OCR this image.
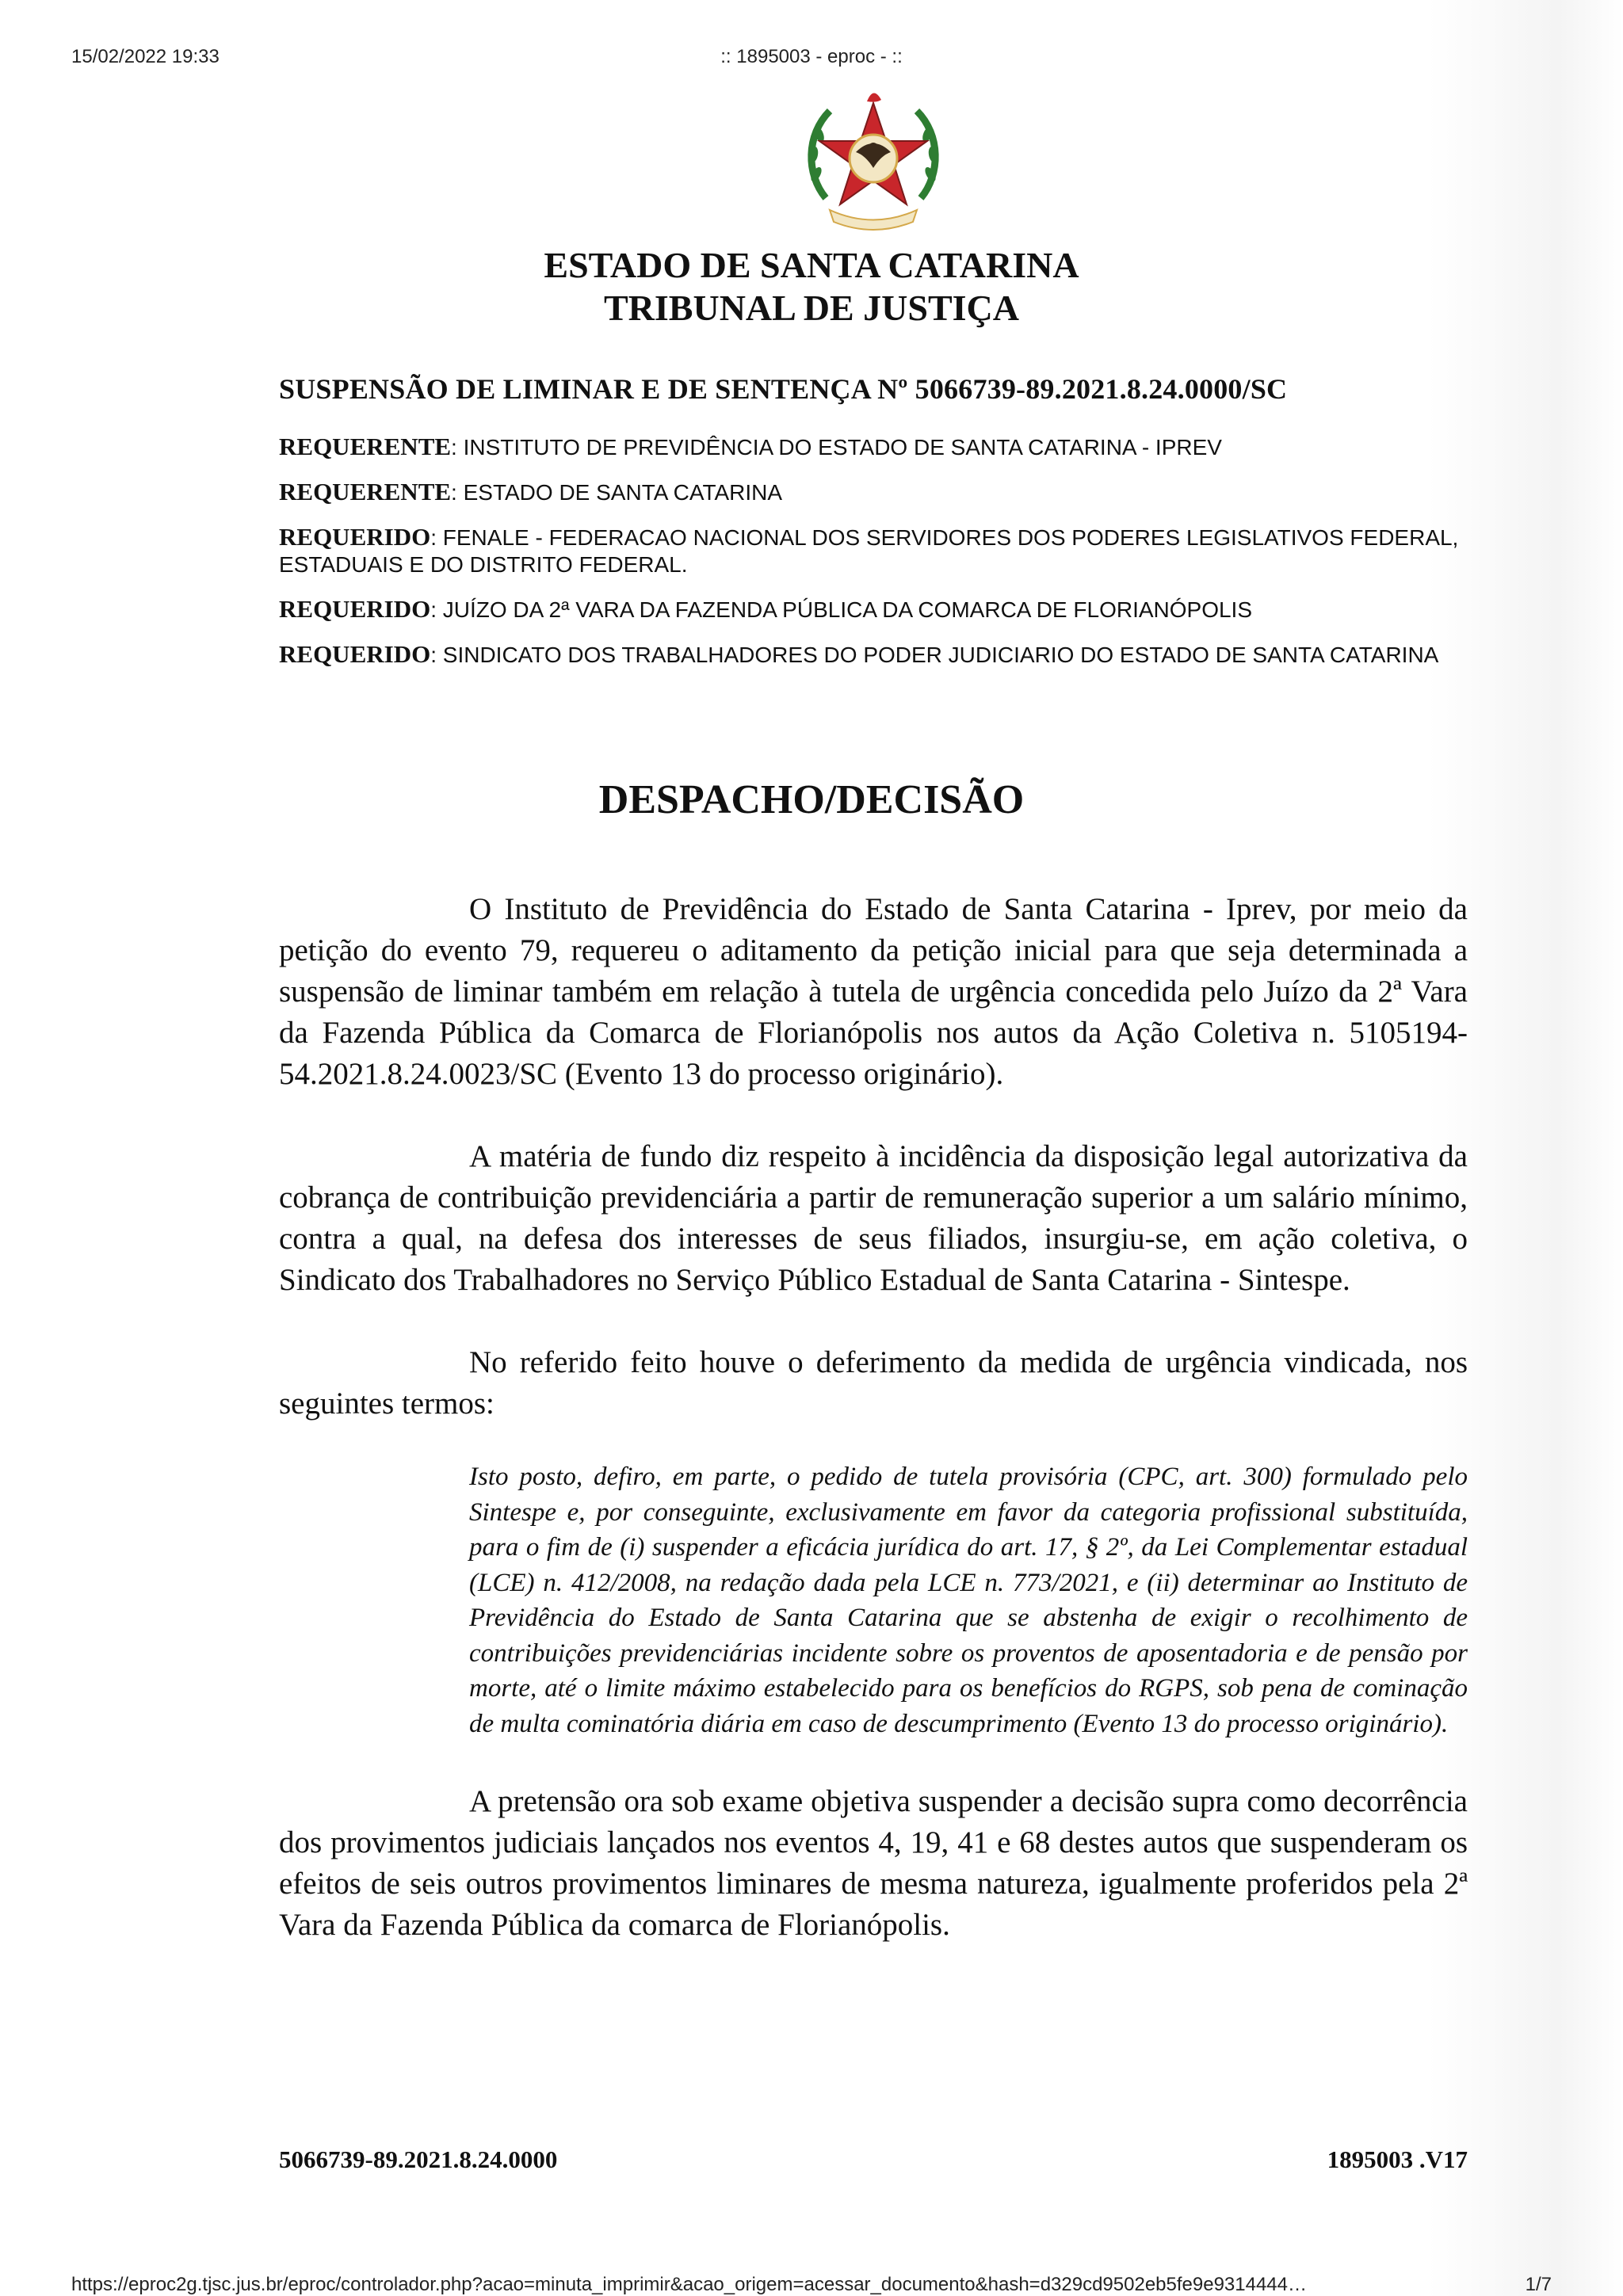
15/02/2022 19:33	:: 1895003 - eproc - ::
ESTADO DE SANTA CATARINA
TRIBUNAL DE JUSTIÇA
SUSPENSÃO DE LIMINAR E DE SENTENÇA Nº 5066739-89.2021.8.24.0000/SC
REQUERENTE: INSTITUTO DE PREVIDÊNCIA DO ESTADO DE SANTA CATARINA - IPREV
REQUERENTE: ESTADO DE SANTA CATARINA
REQUERIDO: FENALE - FEDERACAO NACIONAL DOS SERVIDORES DOS PODERES LEGISLATIVOS FEDERAL, ESTADUAIS E DO DISTRITO FEDERAL.
REQUERIDO: JUÍZO DA 2ª VARA DA FAZENDA PÚBLICA DA COMARCA DE FLORIANÓPOLIS
REQUERIDO: SINDICATO DOS TRABALHADORES DO PODER JUDICIARIO DO ESTADO DE SANTA CATARINA
DESPACHO/DECISÃO

O Instituto de Previdência do Estado de Santa Catarina - Iprev, por meio da petição do evento 79, requereu o aditamento da petição inicial para que seja determinada a suspensão de liminar também em relação à tutela de urgência concedida pelo Juízo da 2ª Vara da Fazenda Pública da Comarca de Florianópolis nos autos da Ação Coletiva n. 5105194-54.2021.8.24.0023/SC (Evento 13 do processo originário).

A matéria de fundo diz respeito à incidência da disposição legal autorizativa da cobrança de contribuição previdenciária a partir de remuneração superior a um salário mínimo, contra a qual, na defesa dos interesses de seus filiados, insurgiu-se, em ação coletiva, o Sindicato dos Trabalhadores no Serviço Público Estadual de Santa Catarina - Sintespe.

No referido feito houve o deferimento da medida de urgência vindicada, nos seguintes termos:

Isto posto, defiro, em parte, o pedido de tutela provisória (CPC, art. 300) formulado pelo Sintespe e, por conseguinte, exclusivamente em favor da categoria profissional substituída, para o fim de (i) suspender a eficácia jurídica do art. 17, § 2º, da Lei Complementar estadual (LCE) n. 412/2008, na redação dada pela LCE n. 773/2021, e (ii) determinar ao Instituto de Previdência do Estado de Santa Catarina que se abstenha de exigir o recolhimento de contribuições previdenciárias incidente sobre os proventos de aposentadoria e de pensão por morte, até o limite máximo estabelecido para os benefícios do RGPS, sob pena de cominação de multa cominatória diária em caso de descumprimento (Evento 13 do processo originário).

A pretensão ora sob exame objetiva suspender a decisão supra como decorrência dos provimentos judiciais lançados nos eventos 4, 19, 41 e 68 destes autos que suspenderam os efeitos de seis outros provimentos liminares de mesma natureza, igualmente proferidos pela 2ª Vara da Fazenda Pública da comarca de Florianópolis.

5066739-89.2021.8.24.0000	1895003 .V17
https://eproc2g.tjsc.jus.br/eproc/controlador.php?acao=minuta_imprimir&acao_origem=acessar_documento&hash=d329cd9502eb5fe9e9314444…	1/7
